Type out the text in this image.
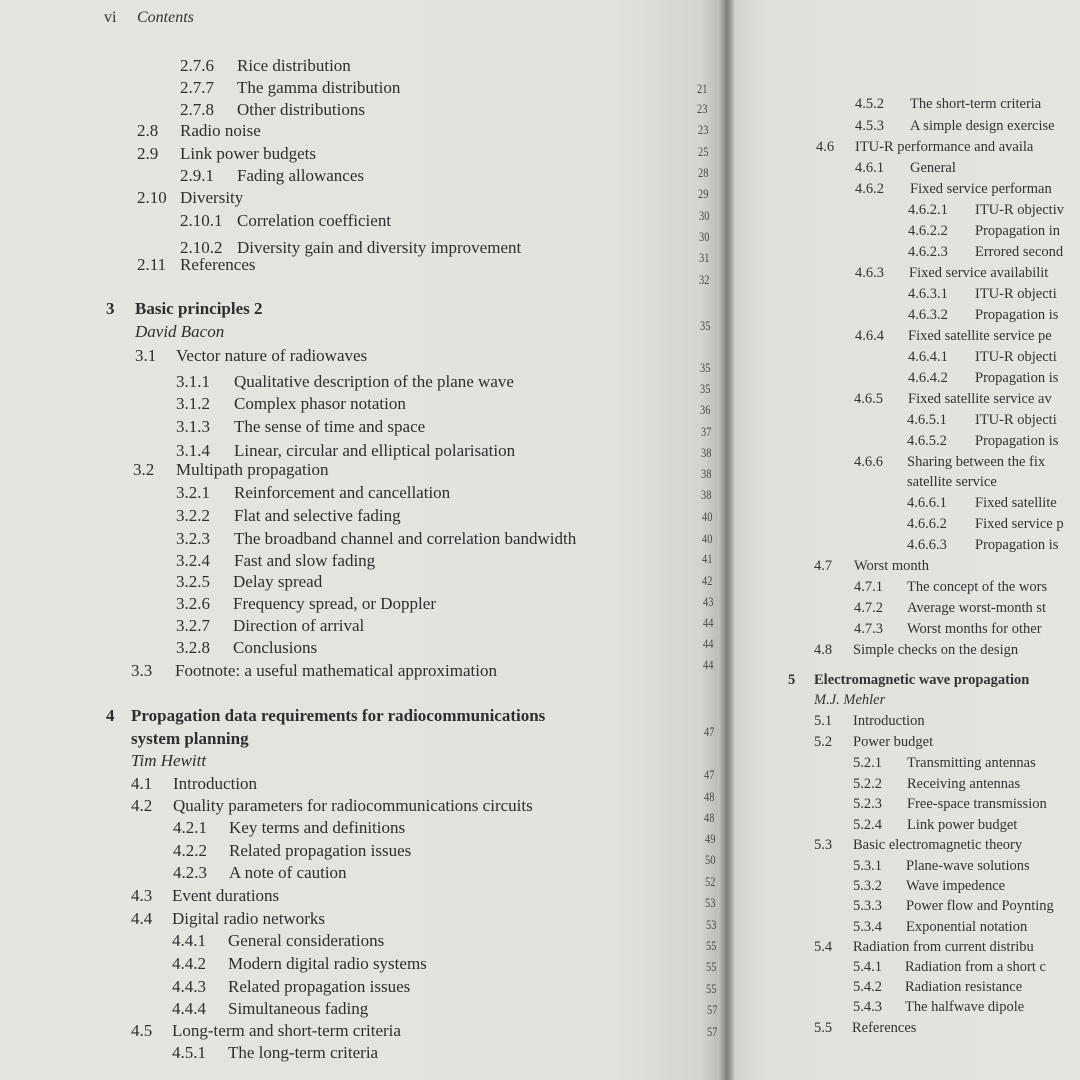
vi Contents
2.7.6 Rice distribution
2.7.7 The gamma distribution
2.7.8 Other distributions
2.8 Radio noise
2.9 Link power budgets
2.9.1 Fading allowances
2.10 Diversity
2.10.1 Correlation coefficient
2.10.2 Diversity gain and diversity improvement
2.11 References
3 Basic principles 2
David Bacon
3.1 Vector nature of radiowaves
3.1.1 Qualitative description of the plane wave
3.1.2 Complex phasor notation
3.1.3 The sense of time and space
3.1.4 Linear, circular and elliptical polarisation
3.2 Multipath propagation
3.2.1 Reinforcement and cancellation
3.2.2 Flat and selective fading
3.2.3 The broadband channel and correlation bandwidth
3.2.4 Fast and slow fading
3.2.5 Delay spread
3.2.6 Frequency spread, or Doppler
3.2.7 Direction of arrival
3.2.8 Conclusions
3.3 Footnote: a useful mathematical approximation
4 Propagation data requirements for radiocommunications
system planning
Tim Hewitt
4.1 Introduction
4.2 Quality parameters for radiocommunications circuits
4.2.1 Key terms and definitions
4.2.2 Related propagation issues
4.2.3 A note of caution
4.3 Event durations
4.4 Digital radio networks
4.4.1 General considerations
4.4.2 Modern digital radio systems
4.4.3 Related propagation issues
4.4.4 Simultaneous fading
4.5 Long-term and short-term criteria
4.5.1 The long-term criteria
21
23
23
25
28
29
30
30
31
32
35
35
35
36
37
38
38
38
40
40
41
42
43
44
44
44
47
47
48
48
49
50
52
53
53
55
55
55
57
57
4.5.2 The short-term criteria
4.5.3 A simple design exercise
4.6 ITU-R performance and availa
4.6.1 General
4.6.2 Fixed service performan
4.6.2.1 ITU-R objectiv
4.6.2.2 Propagation in
4.6.2.3 Errored second
4.6.3 Fixed service availabilit
4.6.3.1 ITU-R objecti
4.6.3.2 Propagation is
4.6.4 Fixed satellite service pe
4.6.4.1 ITU-R objecti
4.6.4.2 Propagation is
4.6.5 Fixed satellite service av
4.6.5.1 ITU-R objecti
4.6.5.2 Propagation is
4.6.6 Sharing between the fix
satellite service
4.6.6.1 Fixed satellite
4.6.6.2 Fixed service p
4.6.6.3 Propagation is
4.7 Worst month
4.7.1 The concept of the wors
4.7.2 Average worst-month st
4.7.3 Worst months for other
4.8 Simple checks on the design
5 Electromagnetic wave propagation
M.J. Mehler
5.1 Introduction
5.2 Power budget
5.2.1 Transmitting antennas
5.2.2 Receiving antennas
5.2.3 Free-space transmission
5.2.4 Link power budget
5.3 Basic electromagnetic theory
5.3.1 Plane-wave solutions
5.3.2 Wave impedence
5.3.3 Power flow and Poynting
5.3.4 Exponential notation
5.4 Radiation from current distribu
5.4.1 Radiation from a short c
5.4.2 Radiation resistance
5.4.3 The halfwave dipole
5.5 References
